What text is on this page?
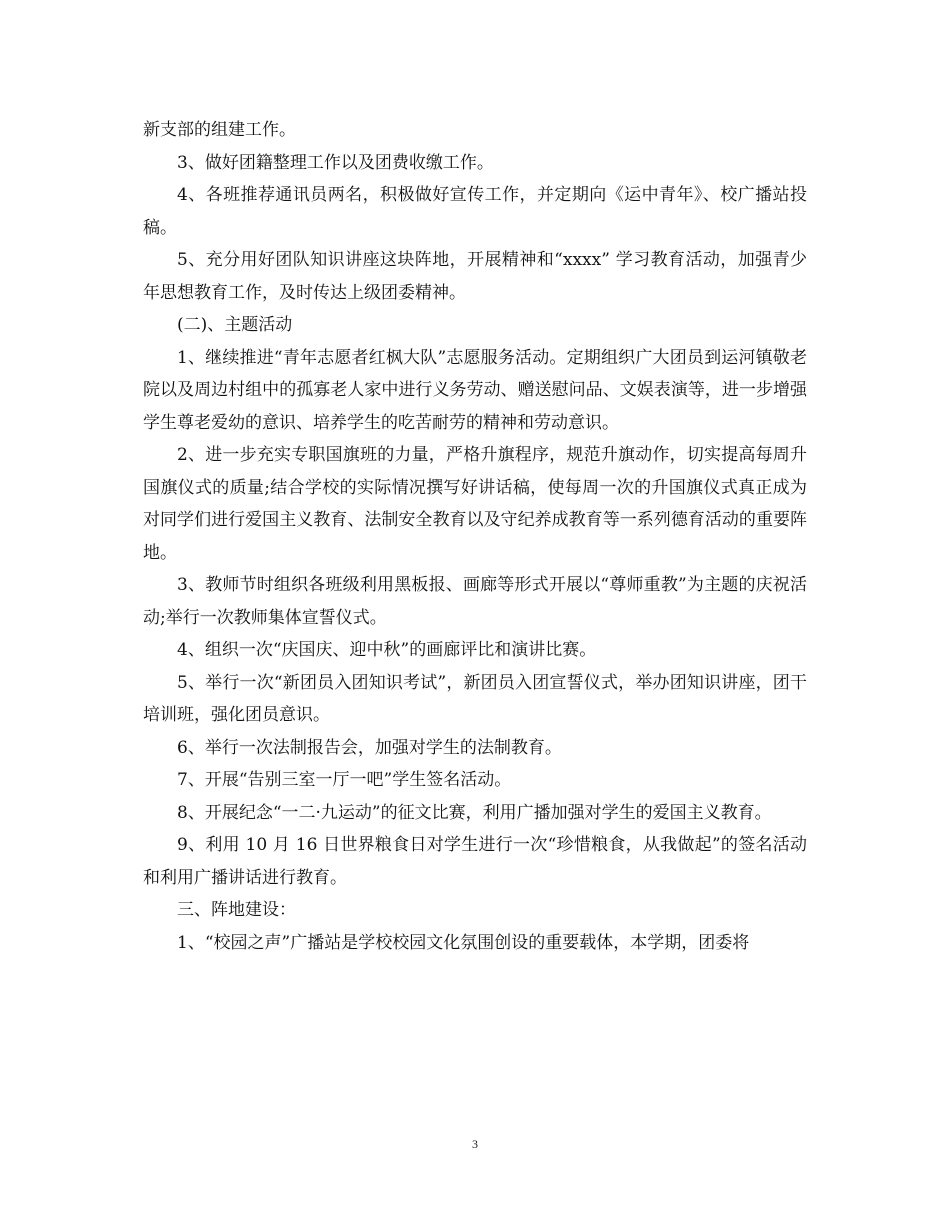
新支部的组建工作。

3、做好团籍整理工作以及团费收缴工作。

4、各班推荐通讯员两名，积极做好宣传工作，并定期向《运中青年》、校广播站投稿。

5、充分用好团队知识讲座这块阵地，开展精神和“xxxx” 学习教育活动，加强青少年思想教育工作，及时传达上级团委精神。

(二)、主题活动

1、继续推进“青年志愿者红枫大队”志愿服务活动。定期组织广大团员到运河镇敬老院以及周边村组中的孤寡老人家中进行义务劳动、赠送慰问品、文娱表演等，进一步增强学生尊老爱幼的意识、培养学生的吃苦耐劳的精神和劳动意识。

2、进一步充实专职国旗班的力量，严格升旗程序，规范升旗动作，切实提高每周升国旗仪式的质量;结合学校的实际情况撰写好讲话稿，使每周一次的升国旗仪式真正成为对同学们进行爱国主义教育、法制安全教育以及守纪养成教育等一系列德育活动的重要阵地。

3、教师节时组织各班级利用黑板报、画廊等形式开展以“尊师重教”为主题的庆祝活动;举行一次教师集体宣誓仪式。

4、组织一次“庆国庆、迎中秋”的画廊评比和演讲比赛。

5、举行一次“新团员入团知识考试”，新团员入团宣誓仪式，举办团知识讲座，团干培训班，强化团员意识。

6、举行一次法制报告会，加强对学生的法制教育。

7、开展“告别三室一厅一吧”学生签名活动。

8、开展纪念“一二·九运动”的征文比赛，利用广播加强对学生的爱国主义教育。

9、利用 10 月 16 日世界粮食日对学生进行一次“珍惜粮食，从我做起”的签名活动和利用广播讲话进行教育。

三、阵地建设：

1、“校园之声”广播站是学校校园文化氛围创设的重要载体，本学期，团委将

3
